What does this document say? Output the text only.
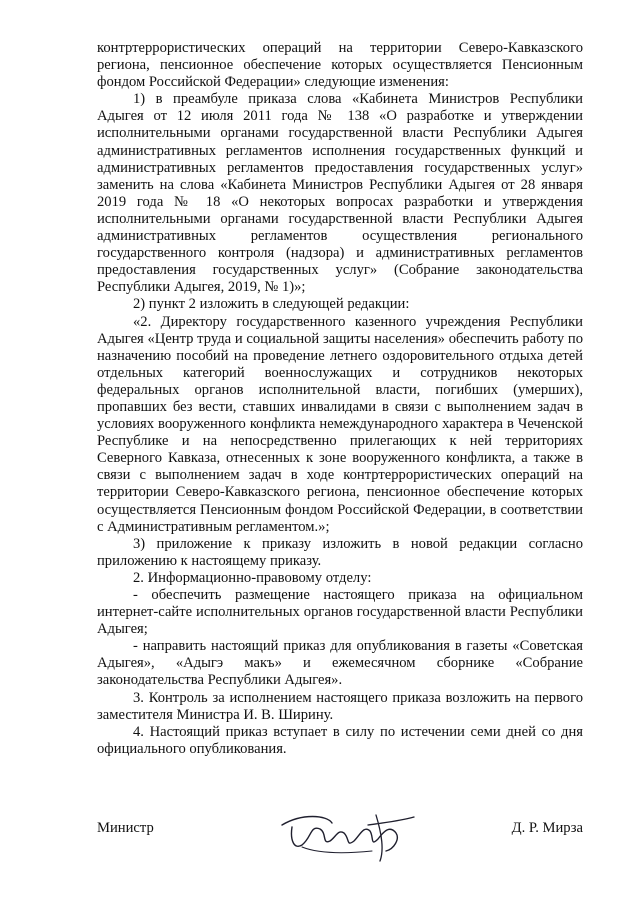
контртеррористических операций на территории Северо-Кавказского региона, пенсионное обеспечение которых осуществляется Пенсионным фондом Российской Федерации» следующие изменения:

1) в преамбуле приказа слова «Кабинета Министров Республики Адыгея от 12 июля 2011 года № 138 «О разработке и утверждении исполнительными органами государственной власти Республики Адыгея административных регламентов исполнения государственных функций и административных регламентов предоставления государственных услуг» заменить на слова «Кабинета Министров Республики Адыгея от 28 января 2019 года № 18 «О некоторых вопросах разработки и утверждения исполнительными органами государственной власти Республики Адыгея административных регламентов осуществления регионального государственного контроля (надзора) и административных регламентов предоставления государственных услуг» (Собрание законодательства Республики Адыгея, 2019, № 1)»;

2) пункт 2 изложить в следующей редакции:

«2. Директору государственного казенного учреждения Республики Адыгея «Центр труда и социальной защиты населения» обеспечить работу по назначению пособий на проведение летнего оздоровительного отдыха детей отдельных категорий военнослужащих и сотрудников некоторых федеральных органов исполнительной власти, погибших (умерших), пропавших без вести, ставших инвалидами в связи с выполнением задач в условиях вооруженного конфликта немеждународного характера в Чеченской Республике и на непосредственно прилегающих к ней территориях Северного Кавказа, отнесенных к зоне вооруженного конфликта, а также в связи с выполнением задач в ходе контртеррористических операций на территории Северо-Кавказского региона, пенсионное обеспечение которых осуществляется Пенсионным фондом Российской Федерации, в соответствии с Административным регламентом.»;

3) приложение к приказу изложить в новой редакции согласно приложению к настоящему приказу.

2. Информационно-правовому отделу:

- обеспечить размещение настоящего приказа на официальном интернет-сайте исполнительных органов государственной власти Республики Адыгея;

- направить настоящий приказ для опубликования в газеты «Советская Адыгея», «Адыгэ макъ» и ежемесячном сборнике «Собрание законодательства Республики Адыгея».

3. Контроль за исполнением настоящего приказа возложить на первого заместителя Министра И. В. Ширину.

4. Настоящий приказ вступает в силу по истечении семи дней со дня официального опубликования.

Министр	Д. Р. Мирза
